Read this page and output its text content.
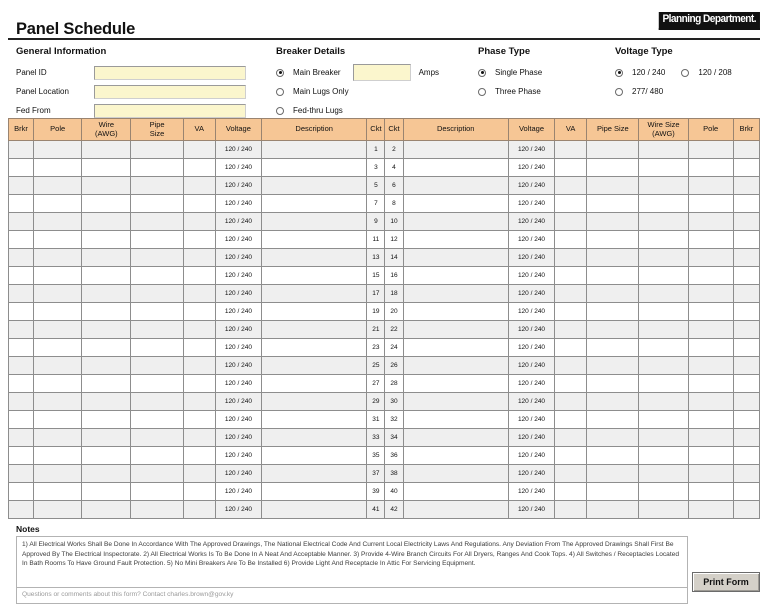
Panel Schedule
Planning Department.
General Information
Panel ID
Panel Location
Fed From
Breaker Details
Main Breaker	Amps
Main Lugs Only
Fed-thru Lugs
Phase Type
Single Phase
Three Phase
Voltage Type
120 / 240
277/ 480
120 / 208
Brkr	Pole	Wire
(AWG)

Pipe
Size	VA	Voltage	Description	Ckt	Ckt	Description	Voltage	VA	Pipe Size	Wire Size
(AWG)	Pole	Brkr
					120 / 240		1	2		120 / 240					
					120 / 240		3	4		120 / 240					
					120 / 240		5	6		120 / 240					
					120 / 240		7	8		120 / 240					
					120 / 240		9	10		120 / 240					
					120 / 240		11	12		120 / 240					
					120 / 240		13	14		120 / 240					
					120 / 240		15	16		120 / 240					
					120 / 240		17	18		120 / 240					
					120 / 240		19	20		120 / 240					
					120 / 240		21	22		120 / 240					
					120 / 240		23	24		120 / 240					
					120 / 240		25	26		120 / 240					
					120 / 240		27	28		120 / 240					
					120 / 240		29	30		120 / 240					
					120 / 240		31	32		120 / 240					
					120 / 240		33	34		120 / 240					
					120 / 240		35	36		120 / 240					
					120 / 240		37	38		120 / 240					
					120 / 240		39	40		120 / 240					
					120 / 240		41	42		120 / 240					
Notes
1) All Electrical Works Shall Be Done In Accordance With The Approved Drawings, The National Electrical Code And Current Local Electricity Laws And Regulations. Any Deviation From The Approved Drawings Shall First Be Approved By The Electrical Inspectorate. 2) All Electrical Works Is To Be Done In A Neat And Acceptable Manner. 3) Provide 4-Wire Branch Circuits For All Dryers, Ranges And Cook Tops. 4) All Switches / Receptacles Located In Bath Rooms To Have Ground Fault Protection. 5) No Mini Breakers Are To Be Installed 6) Provide Light And Receptacle In Attic For Servicing Equipment.
Questions or comments about this form? Contact charles.brown@gov.ky
Print Form
